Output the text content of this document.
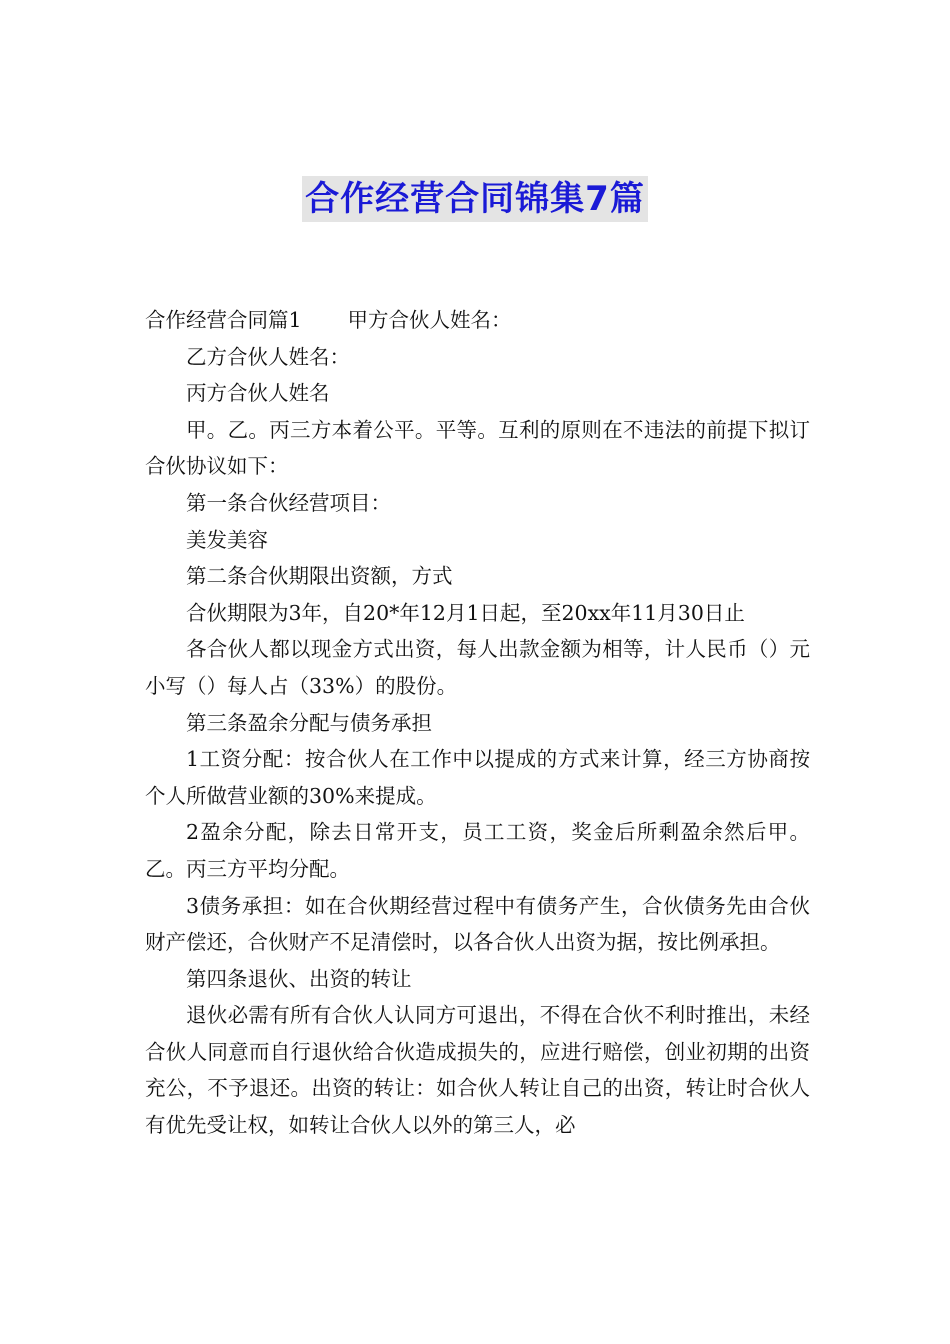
合作经营合同锦集7篇

合作经营合同篇1 甲方合伙人姓名：

乙方合伙人姓名：

丙方合伙人姓名

甲。乙。丙三方本着公平。平等。互利的原则在不违法的前提下拟订合伙协议如下：

第一条合伙经营项目：

美发美容

第二条合伙期限出资额，方式

合伙期限为3年，自20*年12月1日起，至20xx年11月30日止

各合伙人都以现金方式出资，每人出款金额为相等，计人民币（）元小写（）每人占（33%）的股份。

第三条盈余分配与债务承担

1工资分配：按合伙人在工作中以提成的方式来计算，经三方协商按个人所做营业额的30%来提成。

2盈余分配，除去日常开支，员工工资，奖金后所剩盈余然后甲。乙。丙三方平均分配。

3债务承担：如在合伙期经营过程中有债务产生，合伙债务先由合伙财产偿还，合伙财产不足清偿时，以各合伙人出资为据，按比例承担。

第四条退伙、出资的转让

退伙必需有所有合伙人认同方可退出，不得在合伙不利时推出，未经合伙人同意而自行退伙给合伙造成损失的，应进行赔偿，创业初期的出资充公，不予退还。出资的转让：如合伙人转让自己的出资，转让时合伙人有优先受让权，如转让合伙人以外的第三人，必
